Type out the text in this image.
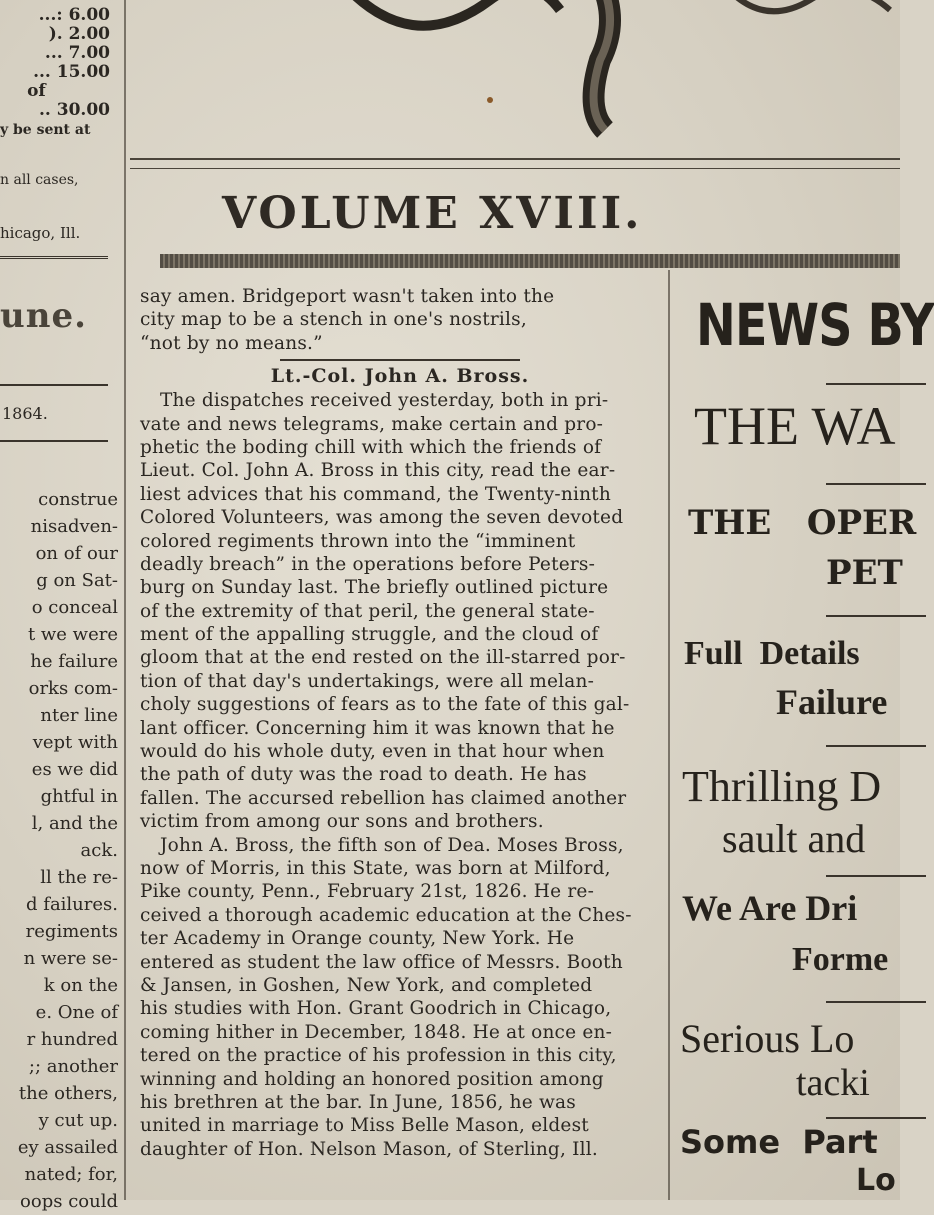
...: 6.00
). 2.00
... 7.00
... 15.00
of
.. 30.00
y be sent at
n all cases,
hicago, Ill.
une.
1864.
construe
nisadven-
on of our
g on Sat-
o conceal
t we were
he failure
orks com-
nter line
vept with
es we did
ghtful in
l, and the
ack.
ll the re-
d failures.
regiments
n were se-
k on the
e. One of
r hundred
;; another
the others,
y cut up.
ey assailed
nated; for,
oops could
VOLUME XVIII.
say amen. Bridgeport wasn't taken into the
city map to be a stench in one's nostrils,
“not by no means.”
Lt.-Col. John A. Bross.
The dispatches received yesterday, both in pri-
vate and news telegrams, make certain and pro-
phetic the boding chill with which the friends of
Lieut. Col. John A. Bross in this city, read the ear-
liest advices that his command, the Twenty-ninth
Colored Volunteers, was among the seven devoted
colored regiments thrown into the “imminent
deadly breach” in the operations before Peters-
burg on Sunday last. The briefly outlined picture
of the extremity of that peril, the general state-
ment of the appalling struggle, and the cloud of
gloom that at the end rested on the ill-starred por-
tion of that day's undertakings, were all melan-
choly suggestions of fears as to the fate of this gal-
lant officer. Concerning him it was known that he
would do his whole duty, even in that hour when
the path of duty was the road to death. He has
fallen. The accursed rebellion has claimed another
victim from among our sons and brothers.
John A. Bross, the fifth son of Dea. Moses Bross,
now of Morris, in this State, was born at Milford,
Pike county, Penn., February 21st, 1826. He re-
ceived a thorough academic education at the Ches-
ter Academy in Orange county, New York. He
entered as student the law office of Messrs. Booth
& Jansen, in Goshen, New York, and completed
his studies with Hon. Grant Goodrich in Chicago,
coming hither in December, 1848. He at once en-
tered on the practice of his profession in this city,
winning and holding an honored position among
his brethren at the bar. In June, 1856, he was
united in marriage to Miss Belle Mason, eldest
daughter of Hon. Nelson Mason, of Sterling, Ill.
NEWS BY
THE WA
THE   OPER
PET
Full  Details
Failure
Thrilling D
sault and
We Are Dri
Forme
Serious Lo
tacki
Some  Part
Lo
